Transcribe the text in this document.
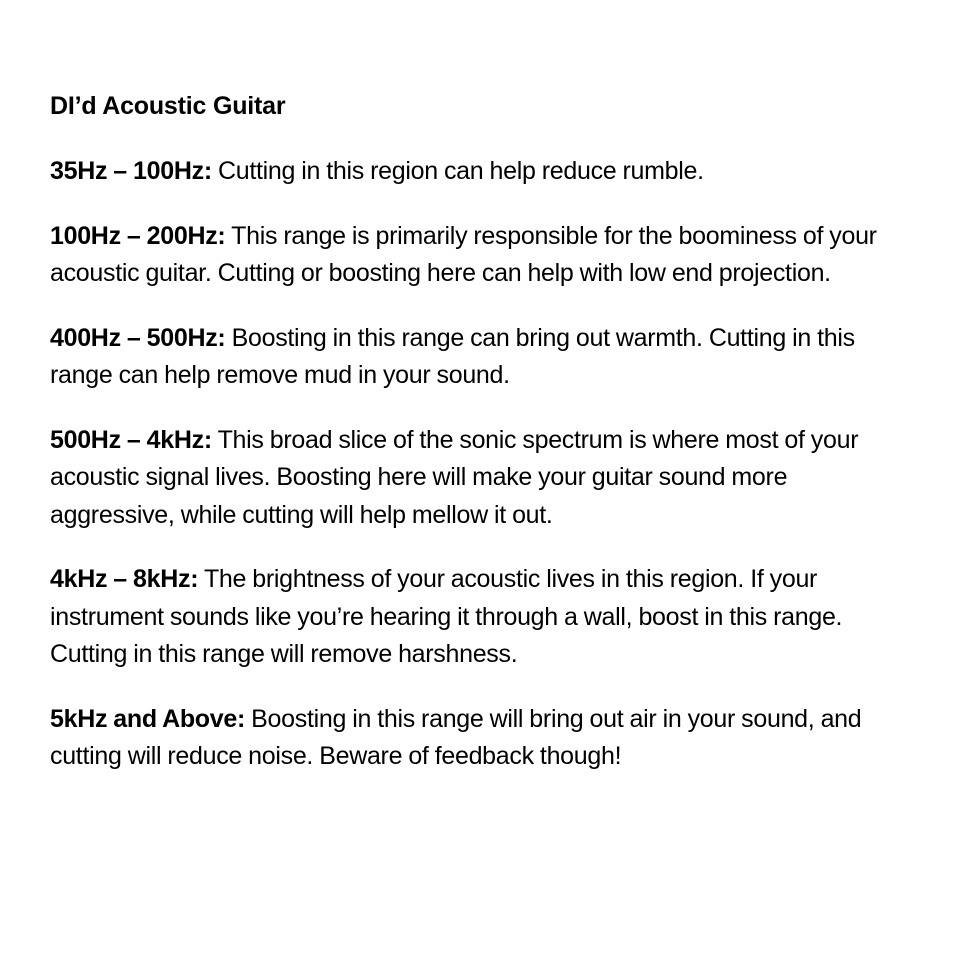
DI’d Acoustic Guitar

35Hz – 100Hz: Cutting in this region can help reduce rumble.

100Hz – 200Hz: This range is primarily responsible for the boominess of your acoustic guitar. Cutting or boosting here can help with low end projection.

400Hz – 500Hz: Boosting in this range can bring out warmth. Cutting in this range can help remove mud in your sound.

500Hz – 4kHz: This broad slice of the sonic spectrum is where most of your acoustic signal lives. Boosting here will make your guitar sound more aggressive, while cutting will help mellow it out.

4kHz – 8kHz: The brightness of your acoustic lives in this region. If your instrument sounds like you’re hearing it through a wall, boost in this range. Cutting in this range will remove harshness.

5kHz and Above: Boosting in this range will bring out air in your sound, and cutting will reduce noise. Beware of feedback though!
